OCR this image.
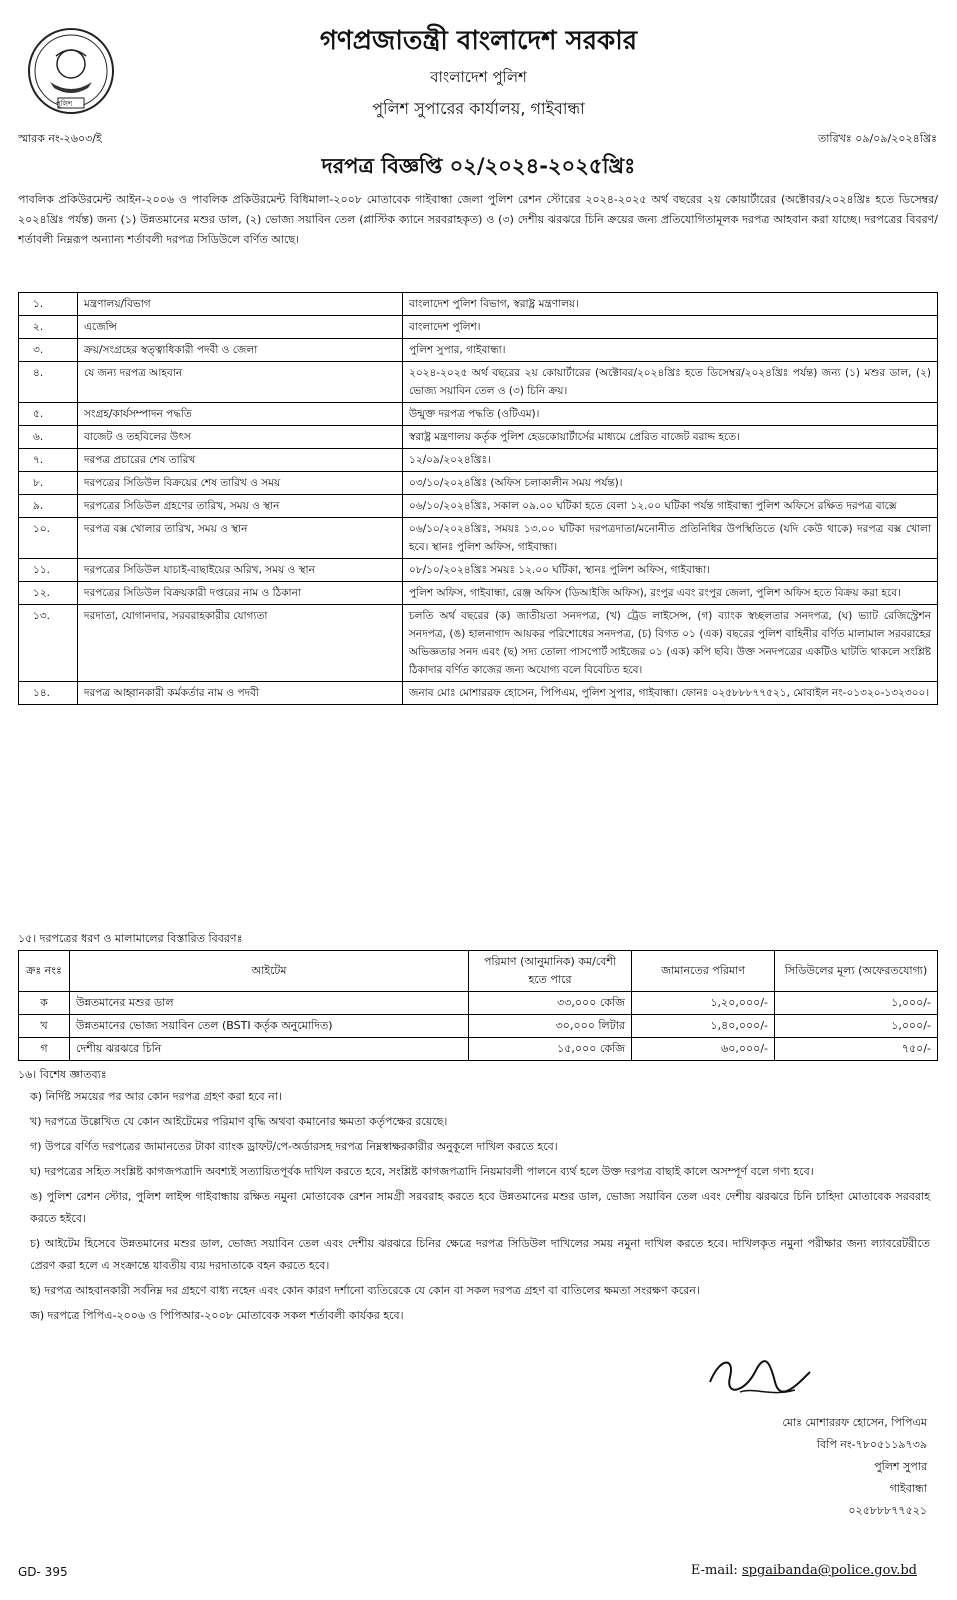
পুলিশ
গণপ্রজাতন্ত্রী বাংলাদেশ সরকার
বাংলাদেশ পুলিশ
পুলিশ সুপারের কার্যালয়, গাইবান্ধা
স্মারক নং-২৬০৩/ই	তারিখঃ ০৯/০৯/২০২৪খ্রিঃ
দরপত্র বিজ্ঞপ্তি ০২/২০২৪-২০২৫খ্রিঃ
পাবলিক প্রকিউরমেন্ট আইন-২০০৬ ও পাবলিক প্রকিউরমেন্ট বিধিমালা-২০০৮ মোতাবেক গাইবান্ধা জেলা পুলিশ রেশন স্টোরের ২০২৪-২০২৫ অর্থ বছরের ২য় কোয়ার্টারের (অক্টোবর/২০২৪খ্রিঃ হতে ডিসেম্বর/২০২৪খ্রিঃ পর্যন্ত) জন্য (১) উন্নতমানের মশুর ডাল, (২) ভোজ্য সয়াবিন তেল (প্লাস্টিক ক্যানে সরবরাহকৃত) ও (৩) দেশীয় ঝরঝরে চিনি ক্রয়ের জন্য প্রতিযোগিতামূলক দরপত্র আহবান করা যাচ্ছে। দরপত্রের বিবরণ/শর্তাবলী নিম্নরূপ অন্যান্য শর্তাবলী দরপত্র সিডিউলে বর্ণিত আছে।
১.	মন্ত্রণালয়/বিভাগ	বাংলাদেশ পুলিশ বিভাগ, স্বরাষ্ট্র মন্ত্রণালয়।
২.	এজেন্সি	বাংলাদেশ পুলিশ।
৩.	ক্রয়/সংগ্রহের স্বত্ত্বাধিকারী পদবী ও জেলা	পুলিশ সুপার, গাইবান্ধা।
৪.	যে জন্য দরপত্র আহবান	২০২৪-২০২৫ অর্থ বছরের ২য় কোয়ার্টারের (অক্টোবর/২০২৪খ্রিঃ হতে ডিসেম্বর/২০২৪খ্রিঃ পর্যন্ত) জন্য (১) মশুর ডাল, (২) ভোজ্য সয়াবিন তেল ও (৩) চিনি ক্রয়।
৫.	সংগ্রহ/কার্যসম্পাদন পদ্ধতি	উন্মুক্ত দরপত্র পদ্ধতি (ওটিএম)।
৬.	বাজেট ও তহবিলের উৎস	স্বরাষ্ট্র মন্ত্রণালয় কর্তৃক পুলিশ হেডকোয়ার্টার্সের মাধ্যমে প্রেরিত বাজেট বরাদ্দ হতে।
৭.	দরপত্র প্রচারের শেষ তারিখ	১২/০৯/২০২৪খ্রিঃ।
৮.	দরপত্রের সিডিউল বিক্রয়ের শেষ তারিখ ও সময়	০৩/১০/২০২৪খ্রিঃ (অফিস চলাকালীন সময় পর্যন্ত)।
৯.	দরপত্রের সিডিউল গ্রহণের তারিখ, সময় ও স্থান	০৬/১০/২০২৪খ্রিঃ, সকাল ০৯.০০ ঘটিকা হতে বেলা ১২.০০ ঘটিকা পর্যন্ত গাইবান্ধা পুলিশ অফিসে রক্ষিত দরপত্র বাক্সে
১০.	দরপত্র বক্স খোলার তারিখ, সময় ও স্থান	০৬/১০/২০২৪খ্রিঃ, সময়ঃ ১৩.০০ ঘটিকা দরপত্রদাতা/মনোনীত প্রতিনিধির উপস্থিতিতে (যদি কেউ থাকে) দরপত্র বক্স খোলা হবে। স্থানঃ পুলিশ অফিস, গাইবান্ধা।
১১.	দরপত্রের সিডিউল যাচাই-বাছাইয়ের অরিখ, সময় ও স্থান	০৮/১০/২০২৪খ্রিঃ সময়ঃ ১২.০০ ঘটিকা, স্থানঃ পুলিশ অফিস, গাইবান্ধা।
১২.	দরপত্রের সিডিউল বিক্রয়কারী দপ্তরের নাম ও ঠিকানা	পুলিশ অফিস, গাইবান্ধা, রেঞ্জ অফিস (ডিআইজি অফিস), রংপুর এবং রংপুর জেলা, পুলিশ অফিস হতে বিক্রয় করা হবে।
১৩.	দরদাতা, যোগানদার, সরবরাহকারীর যোগ্যতা	চলতি অর্থ বছরের (ক) জাতীয়তা সনদপত্র, (খ) ট্রেড লাইসেন্স, (গ) ব্যাংক স্বচ্ছলতার সনদপত্র, (ঘ) ভ্যাট রেজিস্ট্রেশন সনদপত্র, (ঙ) হালনাগাদ আয়কর পরিশোধের সনদপত্র, (চ) বিগত ০১ (এক) বছরের পুলিশ বাহিনীর বর্ণিত মালামাল সরবরাহের অভিজ্ঞতার সনদ এবং (ছ) সদ্য তোলা পাসপোর্ট সাইজের ০১ (এক) কপি ছবি। উক্ত সনদপত্রের একটিও ঘাটতি থাকলে সংশ্লিষ্ট ঠিকাদার বর্ণিত কাজের জন্য অযোগ্য বলে বিবেচিত হবে।
১৪.	দরপত্র আহ্বানকারী কর্মকর্তার নাম ও পদবী	জনাব মোঃ মোশাররফ হোসেন, পিপিএম, পুলিশ সুপার, গাইবান্ধা। ফোনঃ ০২৫৮৮৮৭৭৫২১, মোবাইল নং-০১৩২০-১৩২৩০০।
১৫। দরপত্রের ধরণ ও মালামালের বিস্তারিত বিবরণঃ
ক্রঃ নংঃ	আইটেম	পরিমাণ (আনুমানিক) কম/বেশী হতে পারে	জামানতের পরিমাণ	সিডিউলের মূল্য (অফেরতযোগ্য)
ক	উন্নতমানের মশুর ডাল	৩৩,০০০ কেজি	১,২০,০০০/-	১,০০০/-
খ	উন্নতমানের ভোজ্য সয়াবিন তেল (BSTI কর্তৃক অনুমোদিত)	৩০,০০০ লিটার	১,৪০,০০০/-	১,০০০/-
গ	দেশীয় ঝরঝরে চিনি	১৫,০০০ কেজি	৬০,০০০/-	৭৫০/-
১৬। বিশেষ জ্ঞাতব্যঃ

ক) নির্দিষ্ট সময়ের পর আর কোন দরপত্র গ্রহণ করা হবে না।

খ) দরপত্রে উল্লেখিত যে কোন আইটেমের পরিমাণ বৃদ্ধি অথবা কমানোর ক্ষমতা কর্তৃপক্ষের রয়েছে।

গ) উপরে বর্ণিত দরপত্রের জামানতের টাকা ব্যাংক ড্রাফট/পে-অর্ডারসহ দরপত্র নিম্নস্বাক্ষরকারীর অনুকূলে দাখিল করতে হবে।

ঘ) দরপত্রের সহিত সংশ্লিষ্ট কাগজপত্রাদি অবশ্যই সত্যায়িতপূর্বক দাখিল করতে হবে, সংশ্লিষ্ট কাগজপত্রাদি নিয়মাবলী পালনে ব্যর্থ হলে উক্ত দরপত্র বাছাই কালে অসম্পূর্ণ বলে গণ্য হবে।

ঙ) পুলিশ রেশন স্টোর, পুলিশ লাইন্স গাইবান্ধায় রক্ষিত নমুনা মোতাবেক রেশন সামগ্রী সরবরাহ করতে হবে উন্নতমানের মশুর ডাল, ভোজ্য সয়াবিন তেল এবং দেশীয় ঝরঝরে চিনি চাহিদা মোতাবেক সরবরাহ করতে হইবে।

চ) আইটেম হিসেবে উন্নতমানের মশুর ডাল, ভোজ্য সয়াবিন তেল এবং দেশীয় ঝরঝরে চিনির ক্ষেত্রে দরপত্র সিডিউল দাখিলের সময় নমুনা দাখিল করতে হবে। দাখিলকৃত নমুনা পরীক্ষার জন্য ল্যাবরেটরীতে প্রেরণ করা হলে এ সংক্রান্তে যাবতীয় ব্যয় দরদাতাকে বহন করতে হবে।

ছ) দরপত্র আহবানকারী সর্বনিম্ন দর গ্রহণে বাধ্য নহেন এবং কোন কারণ দর্শানো ব্যতিরেকে যে কোন বা সকল দরপত্র গ্রহণ বা বাতিলের ক্ষমতা সংরক্ষণ করেন।

জ) দরপত্রে পিপিএ-২০০৬ ও পিপিআর-২০০৮ মোতাবেক সকল শর্তাবলী কার্যকর হবে।

মোঃ মোশাররফ হোসেন, পিপিএম
বিপি নং-৭৮০৫১১৯৭৩৯
পুলিশ সুপার
গাইবান্ধা
০২৫৮৮৮৭৭৫২১
GD- 395	E-mail: spgaibanda@police.gov.bd
